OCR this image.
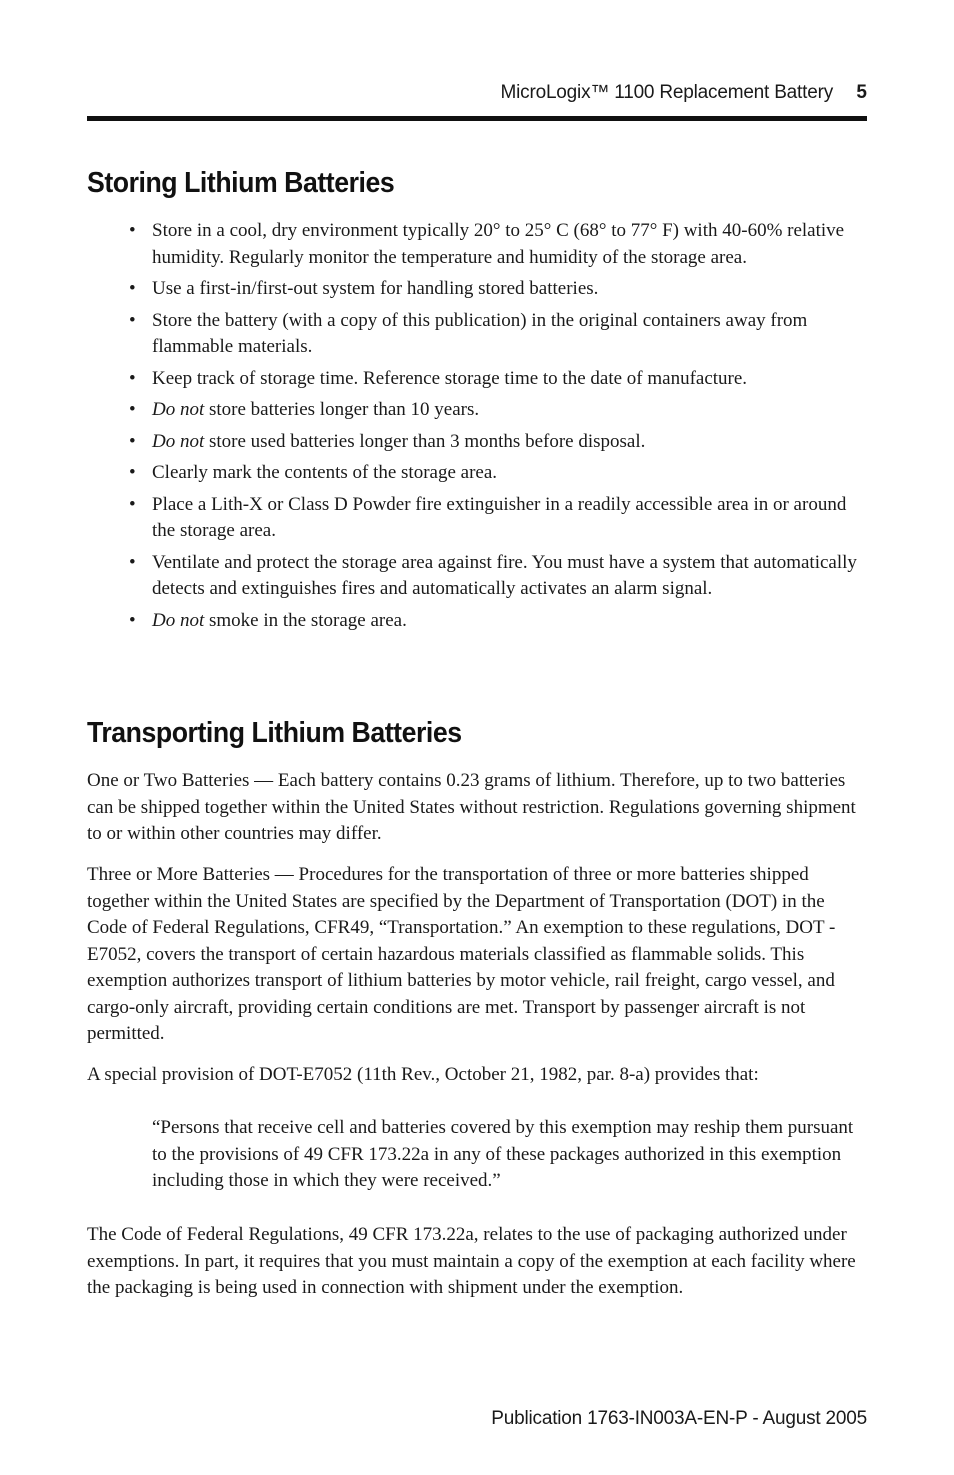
MicroLogix™ 1100 Replacement Battery 5
Storing Lithium Batteries
• Store in a cool, dry environment typically 20° to 25° C (68° to 77° F) with 40-60% relative humidity. Regularly monitor the temperature and humidity of the storage area.
• Use a first-in/first-out system for handling stored batteries.
• Store the battery (with a copy of this publication) in the original containers away from flammable materials.
• Keep track of storage time. Reference storage time to the date of manufacture.
• Do not store batteries longer than 10 years.
• Do not store used batteries longer than 3 months before disposal.
• Clearly mark the contents of the storage area.
• Place a Lith-X or Class D Powder fire extinguisher in a readily accessible area in or around the storage area.
• Ventilate and protect the storage area against fire. You must have a system that automatically detects and extinguishes fires and automatically activates an alarm signal.
• Do not smoke in the storage area.
Transporting Lithium Batteries

One or Two Batteries — Each battery contains 0.23 grams of lithium. Therefore, up to two batteries can be shipped together within the United States without restriction. Regulations governing shipment to or within other countries may differ.

Three or More Batteries — Procedures for the transportation of three or more batteries shipped together within the United States are specified by the Department of Transportation (DOT) in the Code of Federal Regulations, CFR49, “Transportation.” An exemption to these regulations, DOT - E7052, covers the transport of certain hazardous materials classified as flammable solids. This exemption authorizes transport of lithium batteries by motor vehicle, rail freight, cargo vessel, and cargo-only aircraft, providing certain conditions are met. Transport by passenger aircraft is not permitted.

A special provision of DOT-E7052 (11th Rev., October 21, 1982, par. 8-a) provides that:

“Persons that receive cell and batteries covered by this exemption may reship them pursuant to the provisions of 49 CFR 173.22a in any of these packages authorized in this exemption including those in which they were received.”

The Code of Federal Regulations, 49 CFR 173.22a, relates to the use of packaging authorized under exemptions. In part, it requires that you must maintain a copy of the exemption at each facility where the packaging is being used in connection with shipment under the exemption.

Publication 1763-IN003A-EN-P - August 2005
